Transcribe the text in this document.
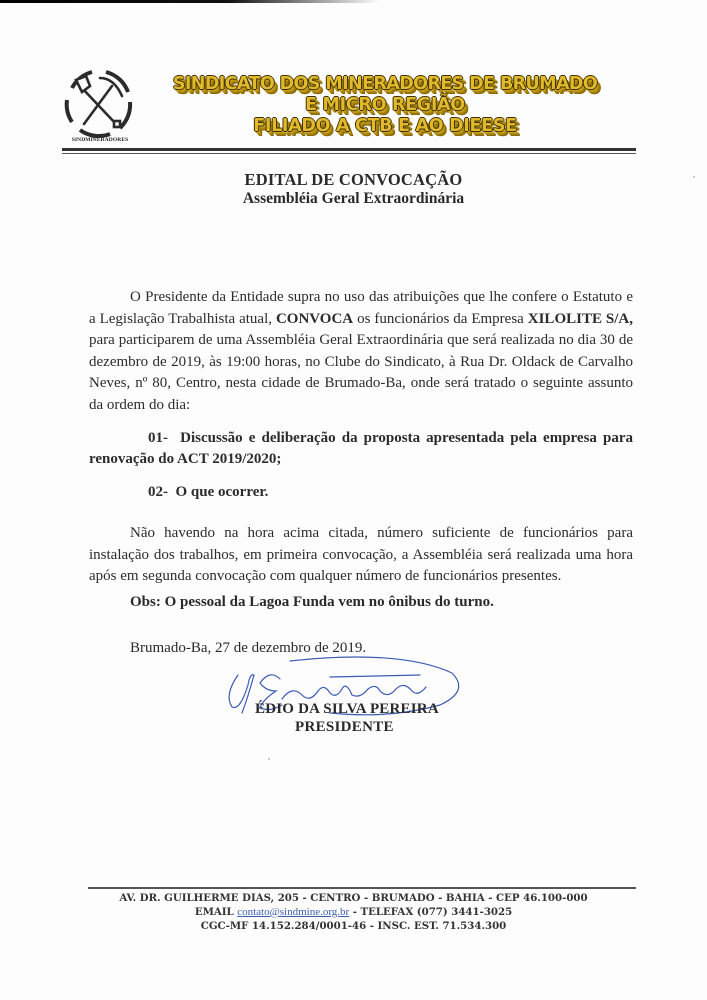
SINDMINERADORES
SINDICATO DOS MINERADORES DE BRUMADO
E MICRO REGIÃO
FILIADO A CTB E AO DIEESE
EDITAL DE CONVOCAÇÃO
Assembléia Geral Extraordinária
O Presidente da Entidade supra no uso das atribuições que lhe confere o Estatuto e a Legislação Trabalhista atual, CONVOCA os funcionários da Empresa XILOLITE S/A, para participarem de uma Assembléia Geral Extraordinária que será realizada no dia 30 de dezembro de 2019, às 19:00 horas, no Clube do Sindicato, à Rua Dr. Oldack de Carvalho Neves, nº 80, Centro, nesta cidade de Brumado-Ba, onde será tratado o seguinte assunto da ordem do dia:
01- Discussão e deliberação da proposta apresentada pela empresa para renovação do ACT 2019/2020;
02- O que ocorrer.
Não havendo na hora acima citada, número suficiente de funcionários para instalação dos trabalhos, em primeira convocação, a Assembléia será realizada uma hora após em segunda convocação com qualquer número de funcionários presentes.
Obs: O pessoal da Lagoa Funda vem no ônibus do turno.
Brumado-Ba, 27 de dezembro de 2019.
ÉDIO DA SILVA PEREIRA
PRESIDENTE
AV. DR. GUILHERME DIAS, 205 - CENTRO - BRUMADO - BAHIA - CEP 46.100-000
EMAIL contato@sindmine.org.br - TELEFAX (077) 3441-3025
CGC-MF 14.152.284/0001-46 - INSC. EST. 71.534.300
